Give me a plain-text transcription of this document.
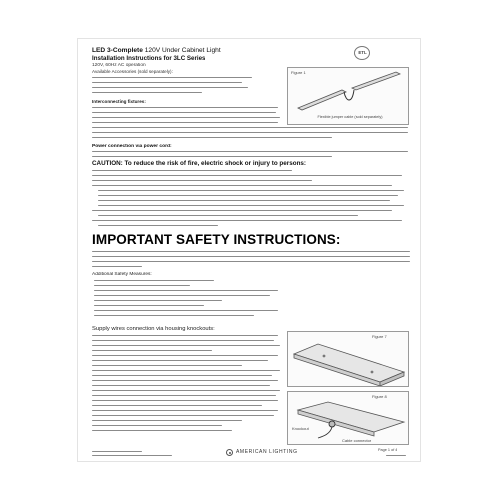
LED 3-Complete 120V Under Cabinet Light
Installation Instructions for 3LC Series
120V, 60Hz AC operation
Available Accessories (sold separately):
ETL
Figure 1
Flexible jumper cable (sold separately)
Interconnecting fixtures:
Power connection via power cord:
CAUTION: To reduce the risk of fire, electric shock or injury to persons:
IMPORTANT SAFETY INSTRUCTIONS:
Additional Safety Measures:
Figure 7
Supply wires connection via housing knockouts:
Figure 8
Knockout
Cable connector
AMERICAN LIGHTING	Page 1 of 4
